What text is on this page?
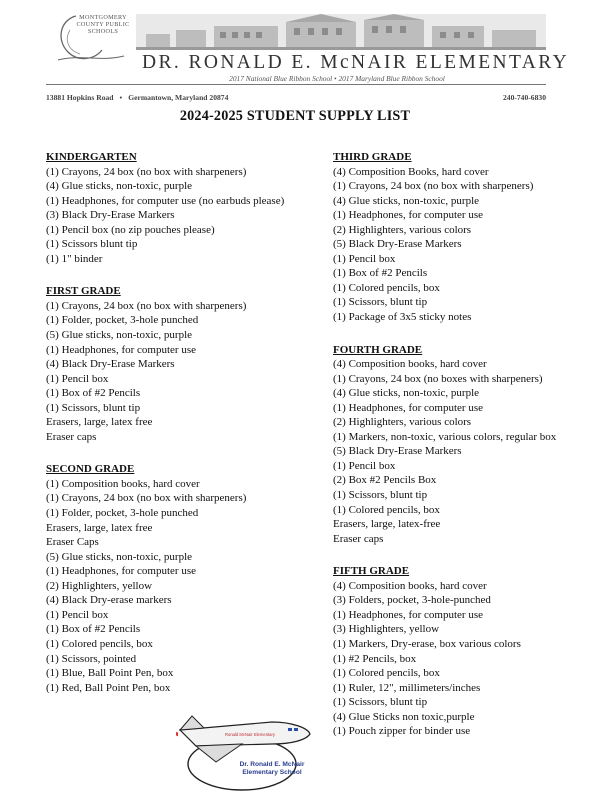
MONTGOMERY
COUNTY PUBLIC
SCHOOLS
DR. RONALD E. McNAIR ELEMENTARY
2017 National Blue Ribbon School • 2017 Maryland Blue Ribbon School
13881 Hopkins Road • Germantown, Maryland 20874	240-740-6830
2024-2025 STUDENT SUPPLY LIST
KINDERGARTEN
(1) Crayons, 24 box (no box with sharpeners)
(4) Glue sticks, non-toxic, purple
(1) Headphones, for computer use (no earbuds please)
(3) Black Dry-Erase Markers
(1) Pencil box (no zip pouches please)
(1) Scissors blunt tip
(1) 1" binder
FIRST GRADE
(1) Crayons, 24 box (no box with sharpeners)
(1) Folder, pocket, 3-hole punched
(5) Glue sticks, non-toxic, purple
(1) Headphones, for computer use
(4) Black Dry-Erase Markers
(1) Pencil box
(1) Box of #2 Pencils
(1) Scissors, blunt tip
Erasers, large, latex free
Eraser caps
SECOND GRADE
(1) Composition books, hard cover
(1) Crayons, 24 box (no box with sharpeners)
(1) Folder, pocket, 3-hole punched
Erasers, large, latex free
Eraser Caps
(5) Glue sticks, non-toxic, purple
(1) Headphones, for computer use
(2) Highlighters, yellow
(4) Black Dry-erase markers
(1) Pencil box
(1) Box of #2 Pencils
(1) Colored pencils, box
(1) Scissors, pointed
(1) Blue, Ball Point Pen, box
(1) Red, Ball Point Pen, box
THIRD GRADE
(4) Composition Books, hard cover
(1) Crayons, 24 box (no box with sharpeners)
(4) Glue sticks, non-toxic, purple
(1) Headphones, for computer use
(2) Highlighters, various colors
(5) Black Dry-Erase Markers
(1) Pencil box
(1) Box of #2 Pencils
(1) Colored pencils, box
(1) Scissors, blunt tip
(1) Package of 3x5 sticky notes
FOURTH GRADE
(4) Composition books, hard cover
(1) Crayons, 24 box (no boxes with sharpeners)
(4) Glue sticks, non-toxic, purple
(1) Headphones, for computer use
(2) Highlighters, various colors
(1) Markers, non-toxic, various colors, regular box
(5) Black Dry-Erase Markers
(1) Pencil box
(2) Box #2 Pencils Box
(1) Scissors, blunt tip
(1) Colored pencils, box
Erasers, large, latex-free
Eraser caps
FIFTH GRADE
(4) Composition books, hard cover
(3) Folders, pocket, 3-hole-punched
(1) Headphones, for computer use
(3) Highlighters, yellow
(1) Markers, Dry-erase, box various colors
(1) #2 Pencils, box
(1) Colored pencils, box
(1) Ruler, 12", millimeters/inches
(1) Scissors, blunt tip
(4) Glue Sticks non toxic,purple
(1) Pouch zipper for binder use
Ronald McNair Elementary
Dr. Ronald E. McNair
Elementary School
